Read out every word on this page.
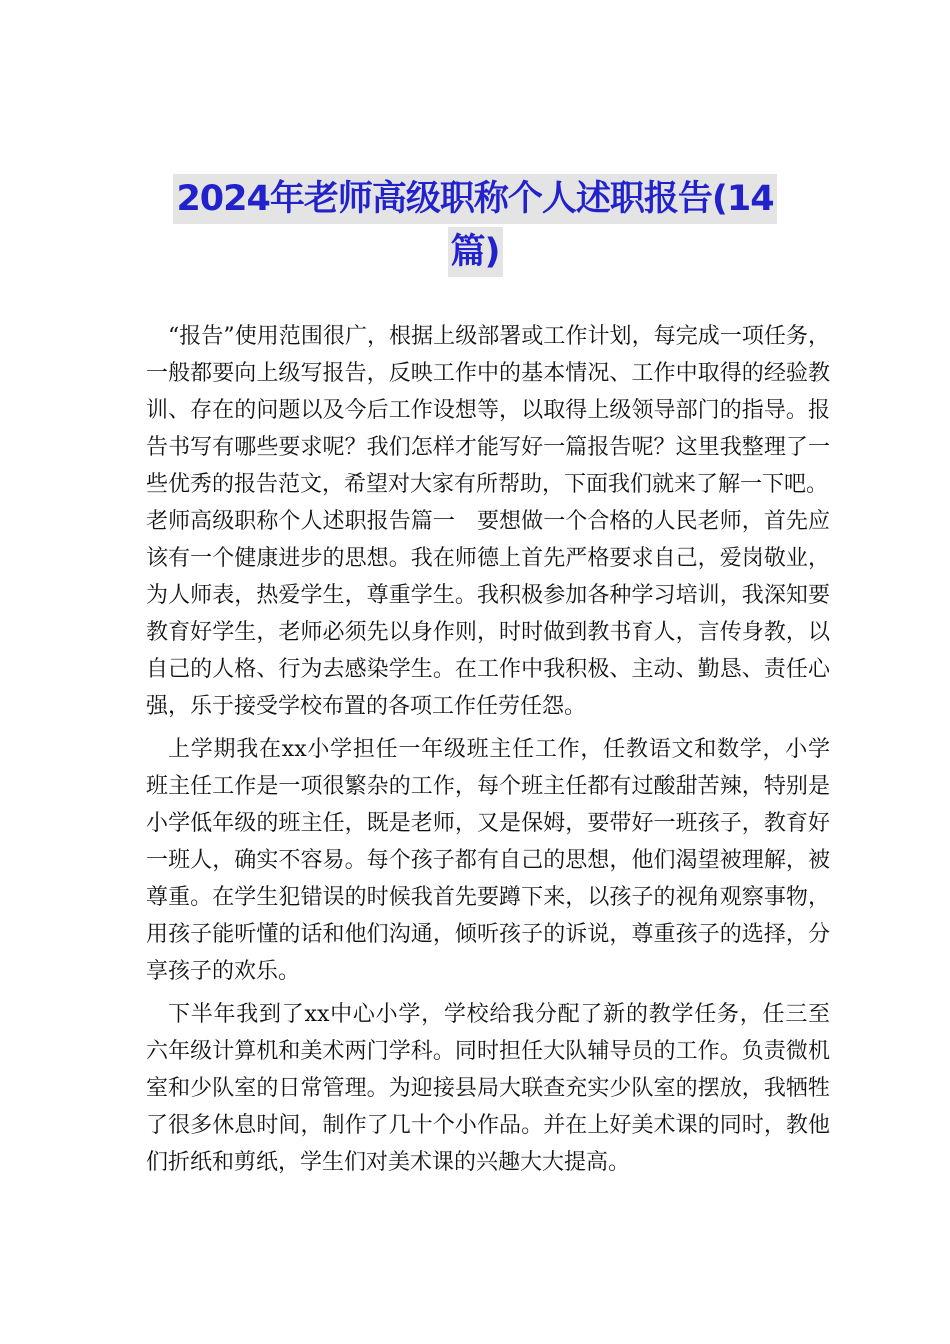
2024年老师高级职称个人述职报告(14
篇)

“报告”使用范围很广，根据上级部署或工作计划，每完成一项任务，一般都要向上级写报告，反映工作中的基本情况、工作中取得的经验教训、存在的问题以及今后工作设想等，以取得上级领导部门的指导。报告书写有哪些要求呢？我们怎样才能写好一篇报告呢？这里我整理了一些优秀的报告范文，希望对大家有所帮助，下面我们就来了解一下吧。

老师高级职称个人述职报告篇一　要想做一个合格的人民老师，首先应该有一个健康进步的思想。我在师德上首先严格要求自己，爱岗敬业，为人师表，热爱学生，尊重学生。我积极参加各种学习培训，我深知要教育好学生，老师必须先以身作则，时时做到教书育人，言传身教，以自己的人格、行为去感染学生。在工作中我积极、主动、勤恳、责任心强，乐于接受学校布置的各项工作任劳任怨。

上学期我在xx小学担任一年级班主任工作，任教语文和数学，小学班主任工作是一项很繁杂的工作，每个班主任都有过酸甜苦辣，特别是小学低年级的班主任，既是老师，又是保姆，要带好一班孩子，教育好一班人，确实不容易。每个孩子都有自己的思想，他们渴望被理解，被尊重。在学生犯错误的时候我首先要蹲下来，以孩子的视角观察事物，用孩子能听懂的话和他们沟通，倾听孩子的诉说，尊重孩子的选择，分享孩子的欢乐。

下半年我到了xx中心小学，学校给我分配了新的教学任务，任三至六年级计算机和美术两门学科。同时担任大队辅导员的工作。负责微机室和少队室的日常管理。为迎接县局大联查充实少队室的摆放，我牺牲了很多休息时间，制作了几十个小作品。并在上好美术课的同时，教他们折纸和剪纸，学生们对美术课的兴趣大大提高。
